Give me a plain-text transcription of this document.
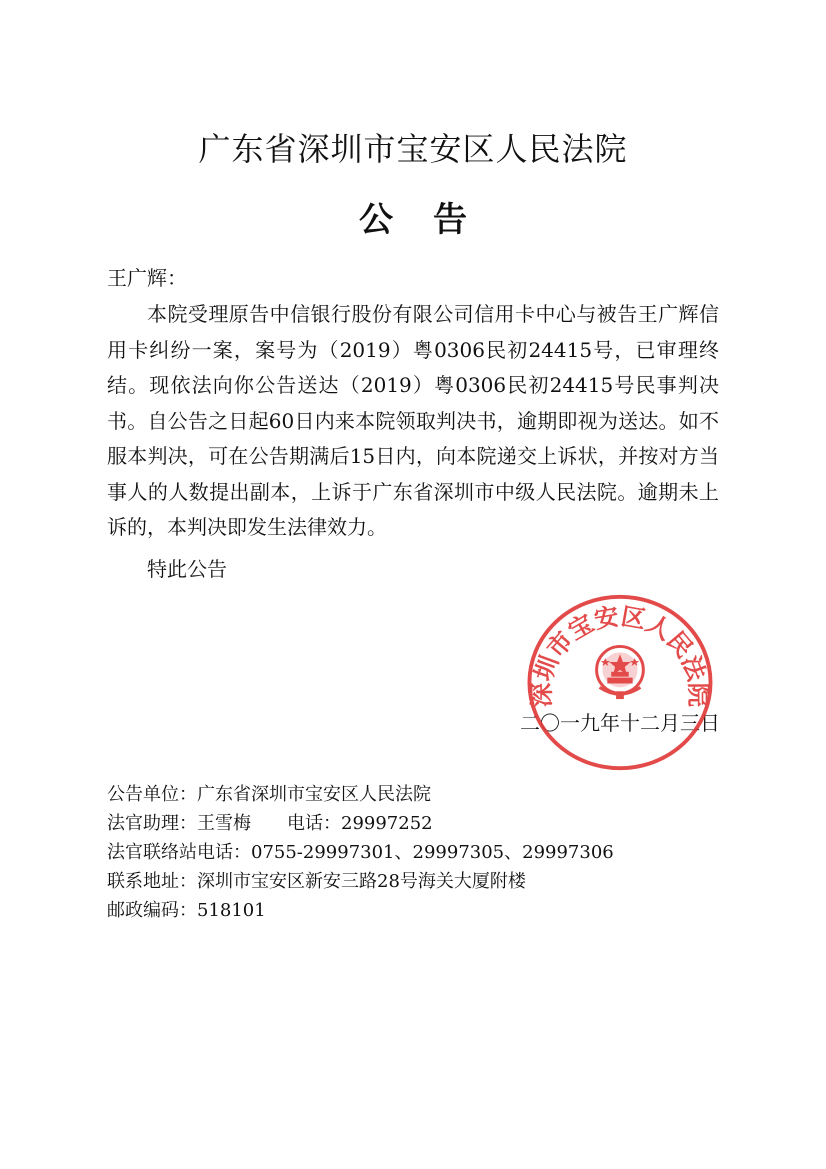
广东省深圳市宝安区人民法院
公告
王广辉：

本院受理原告中信银行股份有限公司信用卡中心与被告王广辉信用卡纠纷一案，案号为（2019）粤0306民初24415号，已审理终结。现依法向你公告送达（2019）粤0306民初24415号民事判决书。自公告之日起60日内来本院领取判决书，逾期即视为送达。如不服本判决，可在公告期满后15日内，向本院递交上诉状，并按对方当事人的人数提出副本，上诉于广东省深圳市中级人民法院。逾期未上诉的，本判决即发生法律效力。

特此公告
二〇一九年十二月三日
深圳市宝安区人民法院
公告单位：广东省深圳市宝安区人民法院
法官助理：王雪梅 电话：29997252
法官联络站电话：0755-29997301、29997305、29997306
联系地址：深圳市宝安区新安三路28号海关大厦附楼
邮政编码：518101
